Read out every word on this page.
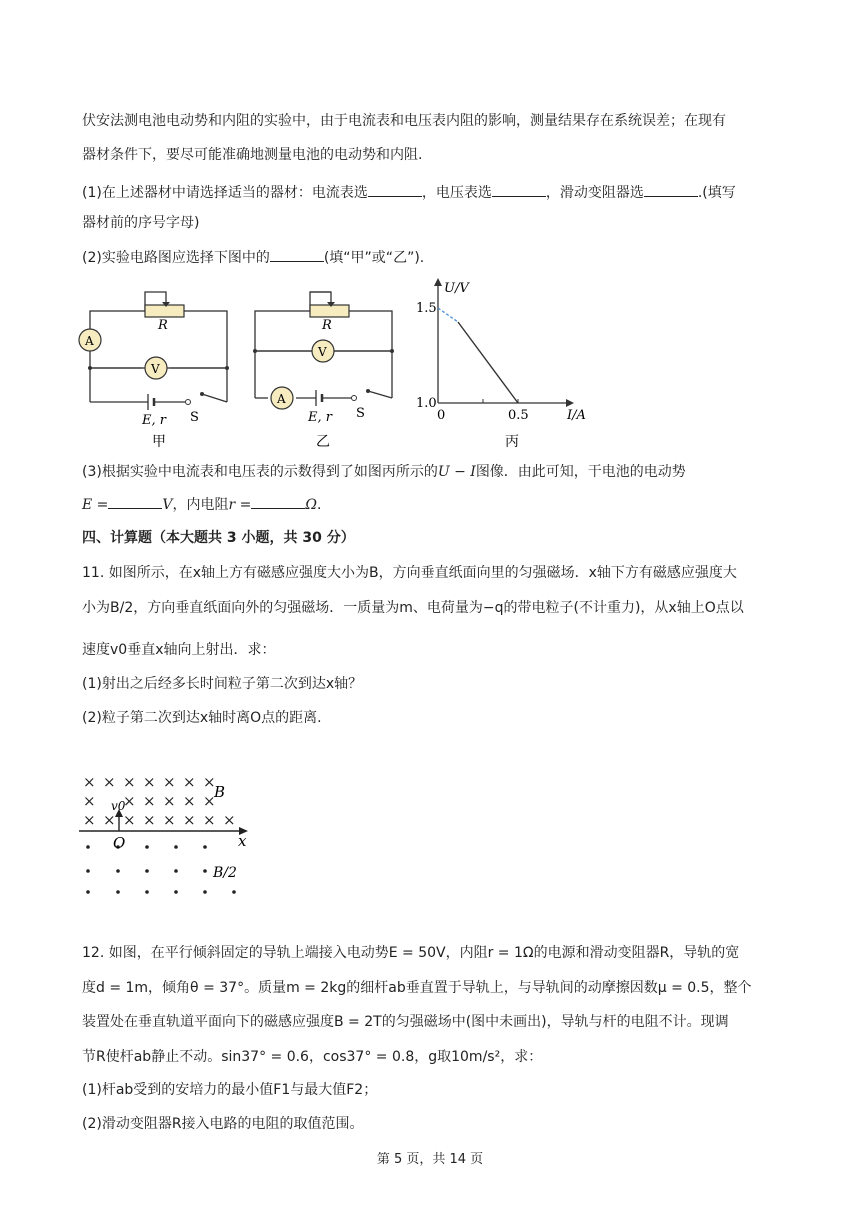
伏安法测电池电动势和内阻的实验中，由于电流表和电压表内阻的影响，测量结果存在系统误差；在现有
器材条件下，要尽可能准确地测量电池的电动势和内阻.
(1)在上述器材中请选择适当的器材：电流表选	，电压表选	，滑动变阻器选	.(填写
器材前的序号字母)
(2)实验电路图应选择下图中的	(填“甲”或“乙”).
R
A
V
E, r S
甲
R
V
A
E, r S
乙
U/V
1.5
1.0
0	0.5	I/A
丙
(3)根据实验中电流表和电压表的示数得到了如图丙所示的U − I图像．由此可知，干电池的电动势
E =	V，内电阻r =	Ω.
四、计算题（本大题共 3 小题，共 30 分）
11. 如图所示，在x轴上方有磁感应强度大小为B，方向垂直纸面向里的匀强磁场．x轴下方有磁感应强度大
小为B/2，方向垂直纸面向外的匀强磁场．一质量为m、电荷量为−q的带电粒子(不计重力)，从x轴上O点以
速度v0垂直x轴向上射出．求：
(1)射出之后经多长时间粒子第二次到达x轴？
(2)粒子第二次到达x轴时离O点的距离.
× × × × × × ×
× × × × × ×
× × × × × × × ×
B
v0
O	x
B/2
12. 如图，在平行倾斜固定的导轨上端接入电动势E = 50V，内阻r = 1Ω的电源和滑动变阻器R，导轨的宽
度d = 1m，倾角θ = 37°。质量m = 2kg的细杆ab垂直置于导轨上，与导轨间的动摩擦因数μ = 0.5，整个
装置处在垂直轨道平面向下的磁感应强度B = 2T的匀强磁场中(图中未画出)，导轨与杆的电阻不计。现调
节R使杆ab静止不动。sin37° = 0.6，cos37° = 0.8，g取10m/s²，求：
(1)杆ab受到的安培力的最小值F1与最大值F2；
(2)滑动变阻器R接入电路的电阻的取值范围。
第 5 页，共 14 页
